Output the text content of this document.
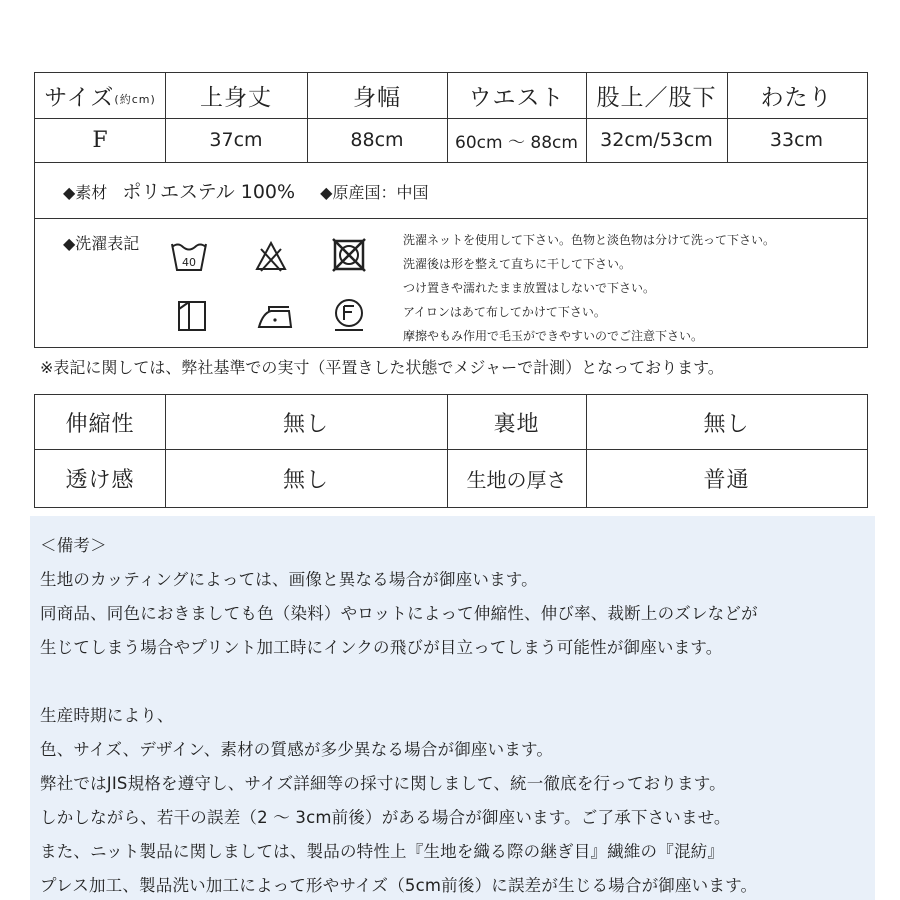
サイズ (約cm)	上身丈	身幅	ウエスト	股上／股下	わたり
F	37cm	88cm	60cm ～ 88cm	32cm/53cm	33cm
◆素材 ポリエステル 100% ◆原産国：中国
◆洗濯表記
40
洗濯ネットを使用して下さい。色物と淡色物は分けて洗って下さい。
洗濯後は形を整えて直ちに干して下さい。
つけ置きや濡れたまま放置はしないで下さい。
アイロンはあて布してかけて下さい。
摩擦やもみ作用で毛玉ができやすいのでご注意下さい。
※表記に関しては、弊社基準での実寸（平置きした状態でメジャーで計測）となっております。
伸縮性	無し	裏地	無し
透け感	無し	生地の厚さ	普通
＜備考＞
生地のカッティングによっては、画像と異なる場合が御座います。
同商品、同色におきましても色（染料）やロットによって伸縮性、伸び率、裁断上のズレなどが
生じてしまう場合やプリント加工時にインクの飛びが目立ってしまう可能性が御座います。
生産時期により、
色、サイズ、デザイン、素材の質感が多少異なる場合が御座います。
弊社ではJIS規格を遵守し、サイズ詳細等の採寸に関しまして、統一徹底を行っております。
しかしながら、若干の誤差（2 ～ 3cm前後）がある場合が御座います。ご了承下さいませ。
また、ニット製品に関しましては、製品の特性上『生地を織る際の継ぎ目』繊維の『混紡』
プレス加工、製品洗い加工によって形やサイズ（5cm前後）に誤差が生じる場合が御座います。
